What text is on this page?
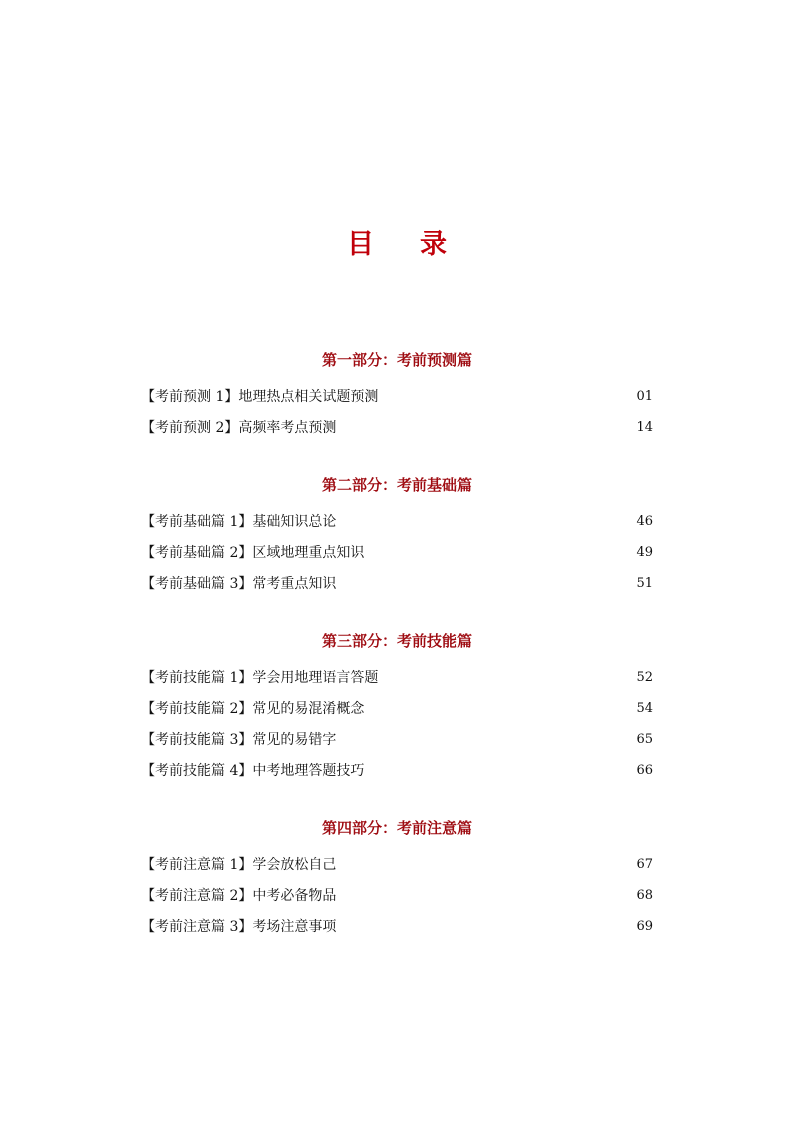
目 录
第一部分：考前预测篇
【考前预测 1】地理热点相关试题预测	01
【考前预测 2】高频率考点预测	14
第二部分：考前基础篇
【考前基础篇 1】基础知识总论	46
【考前基础篇 2】区域地理重点知识	49
【考前基础篇 3】常考重点知识	51
第三部分：考前技能篇
【考前技能篇 1】学会用地理语言答题	52
【考前技能篇 2】常见的易混淆概念	54
【考前技能篇 3】常见的易错字	65
【考前技能篇 4】中考地理答题技巧	66
第四部分：考前注意篇
【考前注意篇 1】学会放松自己	67
【考前注意篇 2】中考必备物品	68
【考前注意篇 3】考场注意事项	69
